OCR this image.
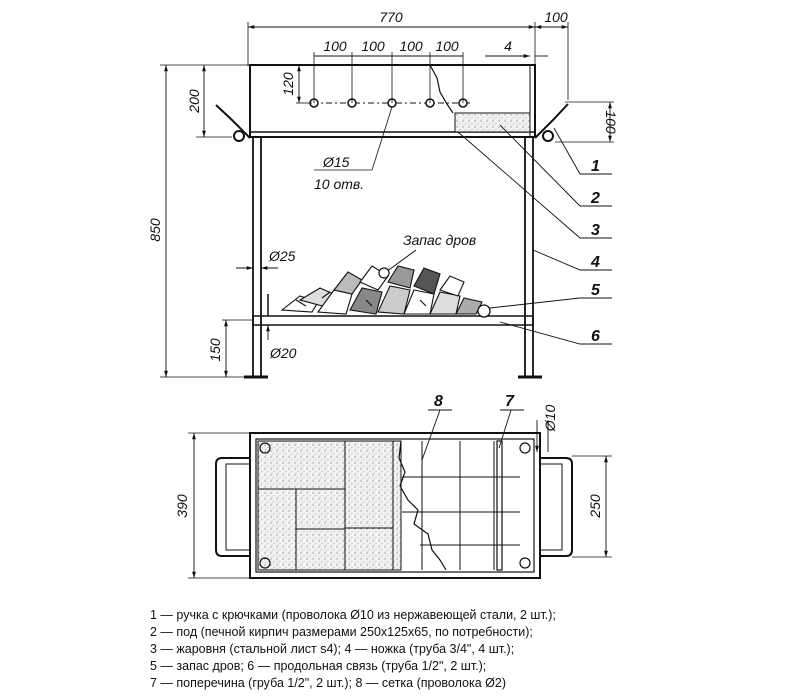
Запас дров
770	100
100 100 100 100	4
200
120
100
850
150
Ø25
Ø20
Ø15
10 отв.
1
2
3
4
5
6
390	250
Ø10
8	7
1 — ручка с крючками (проволока Ø10 из нержавеющей стали, 2 шт.);
2 — под (печной кирпич размерами 250x125x65, по потребности);
3 — жаровня (стальной лист s4); 4 — ножка (труба 3/4", 4 шт.);
5 — запас дров; 6 — продольная связь (труба 1/2", 2 шт.);
7 — поперечина (груба 1/2", 2 шт.); 8 — сетка (проволока Ø2)
